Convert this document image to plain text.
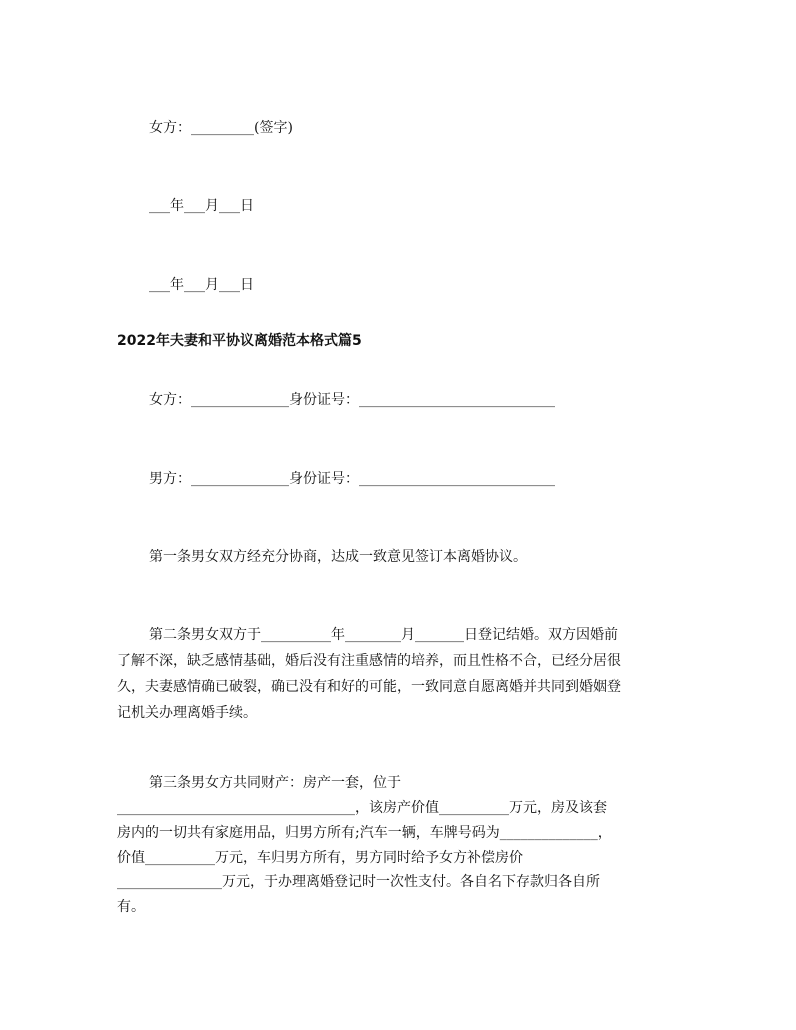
女方：_________(签字)
___年___月___日
___年___月___日
2022年夫妻和平协议离婚范本格式篇5
女方：______________身份证号：____________________________
男方：______________身份证号：____________________________
第一条男女双方经充分协商，达成一致意见签订本离婚协议。
第二条男女双方于__________年________月_______日登记结婚。双方因婚前
了解不深，缺乏感情基础，婚后没有注重感情的培养，而且性格不合，已经分居很
久，夫妻感情确已破裂，确已没有和好的可能，一致同意自愿离婚并共同到婚姻登
记机关办理离婚手续。
第三条男女方共同财产：房产一套，位于
__________________________________，该房产价值__________万元，房及该套
房内的一切共有家庭用品，归男方所有;汽车一辆，车牌号码为______________，
价值__________万元，车归男方所有，男方同时给予女方补偿房价
_______________万元，于办理离婚登记时一次性支付。各自名下存款归各自所
有。
